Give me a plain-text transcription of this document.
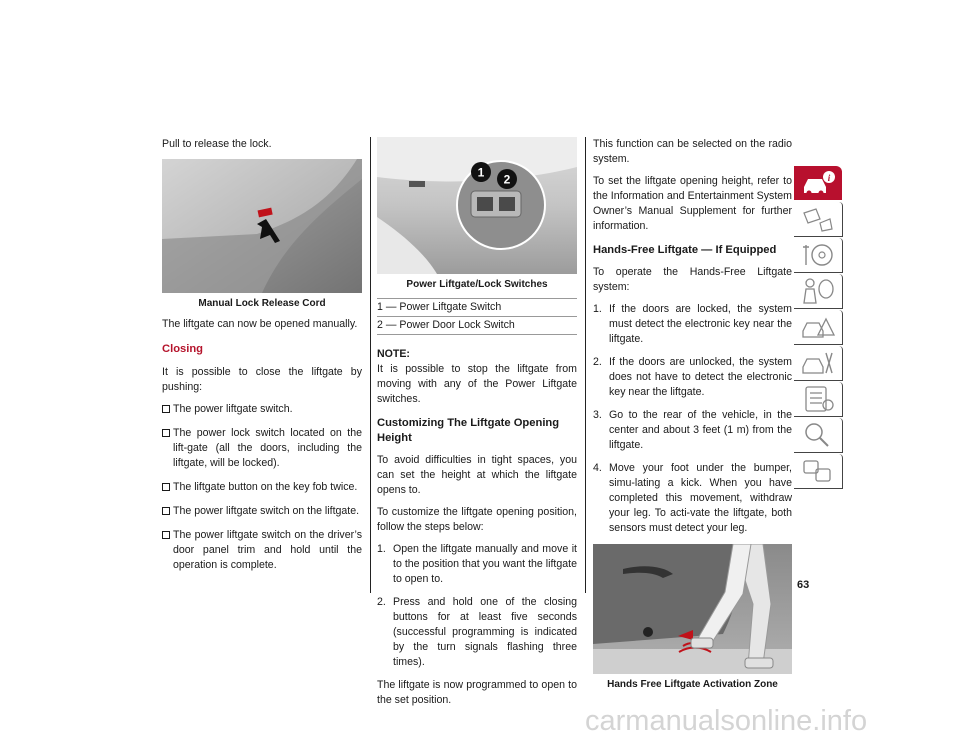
Pull to release the lock.

Manual Lock Release Cord

The liftgate can now be opened manually.

Closing

It is possible to close the liftgate by pushing:

The power liftgate switch.
The power lock switch located on the lift-gate (all the doors, including the liftgate, will be locked).
The liftgate button on the key fob twice.
The power liftgate switch on the liftgate.
The power liftgate switch on the driver’s door panel trim and hold until the operation is complete.
1 2
Power Liftgate/Lock Switches
1 — Power Liftgate Switch
2 — Power Door Lock Switch
NOTE:

It is possible to stop the liftgate from moving with any of the Power Liftgate switches.

Customizing The Liftgate Opening Height

To avoid difficulties in tight spaces, you can set the height at which the liftgate opens to.

To customize the liftgate opening position, follow the steps below:

1. Open the liftgate manually and move it to the position that you want the liftgate to open to.
2. Press and hold one of the closing buttons for at least five seconds (successful programming is indicated by the turn signals flashing three times).

The liftgate is now programmed to open to the set position.

This function can be selected on the radio system.

To set the liftgate opening height, refer to the Information and Entertainment System Owner’s Manual Supplement for further information.

Hands-Free Liftgate — If Equipped

To operate the Hands-Free Liftgate system:

1. If the doors are locked, the system must detect the electronic key near the liftgate.
2. If the doors are unlocked, the system does not have to detect the electronic key near the liftgate.
3. Go to the rear of the vehicle, in the center and about 3 feet (1 m) from the liftgate.
4. Move your foot under the bumper, simu-lating a kick. When you have completed this movement, withdraw your leg. To acti-vate the liftgate, both sensors must detect your leg.
Hands Free Liftgate Activation Zone
63
i
carmanualsonline.info
